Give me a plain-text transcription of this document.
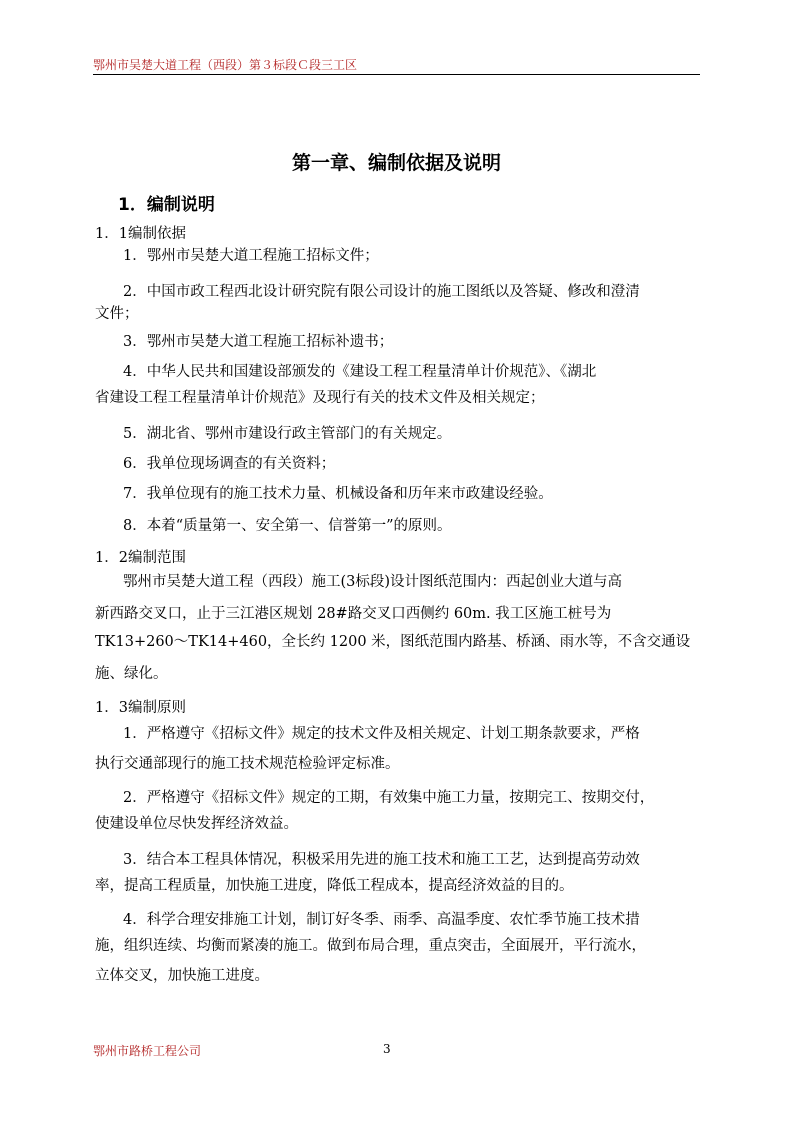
鄂州市吴楚大道工程（西段）第３标段Ｃ段三工区
第一章、编制依据及说明
1．编制说明
1．1编制依据
1．鄂州市吴楚大道工程施工招标文件；
2．中国市政工程西北设计研究院有限公司设计的施工图纸以及答疑、修改和澄清
文件；
3．鄂州市吴楚大道工程施工招标补遗书；
4．中华人民共和国建设部颁发的《建设工程工程量清单计价规范》、《湖北
省建设工程工程量清单计价规范》及现行有关的技术文件及相关规定；
5．湖北省、鄂州市建设行政主管部门的有关规定。
6．我单位现场调查的有关资料；
7．我单位现有的施工技术力量、机械设备和历年来市政建设经验。
8．本着“质量第一、安全第一、信誉第一”的原则。
1．2编制范围
鄂州市吴楚大道工程（西段）施工(3标段)设计图纸范围内：西起创业大道与高
新西路交叉口，止于三江港区规划 28#路交叉口西侧约 60m. 我工区施工桩号为
TK13+260～TK14+460，全长约 1200 米，图纸范围内路基、桥涵、雨水等，不含交通设
施、绿化。
1．3编制原则
1．严格遵守《招标文件》规定的技术文件及相关规定、计划工期条款要求，严格
执行交通部现行的施工技术规范检验评定标准。
2．严格遵守《招标文件》规定的工期，有效集中施工力量，按期完工、按期交付，
使建设单位尽快发挥经济效益。
3．结合本工程具体情况，积极采用先进的施工技术和施工工艺，达到提高劳动效
率，提高工程质量，加快施工进度，降低工程成本，提高经济效益的目的。
4．科学合理安排施工计划，制订好冬季、雨季、高温季度、农忙季节施工技术措
施，组织连续、均衡而紧凑的施工。做到布局合理，重点突击，全面展开，平行流水，
立体交叉，加快施工进度。
鄂州市路桥工程公司	3
